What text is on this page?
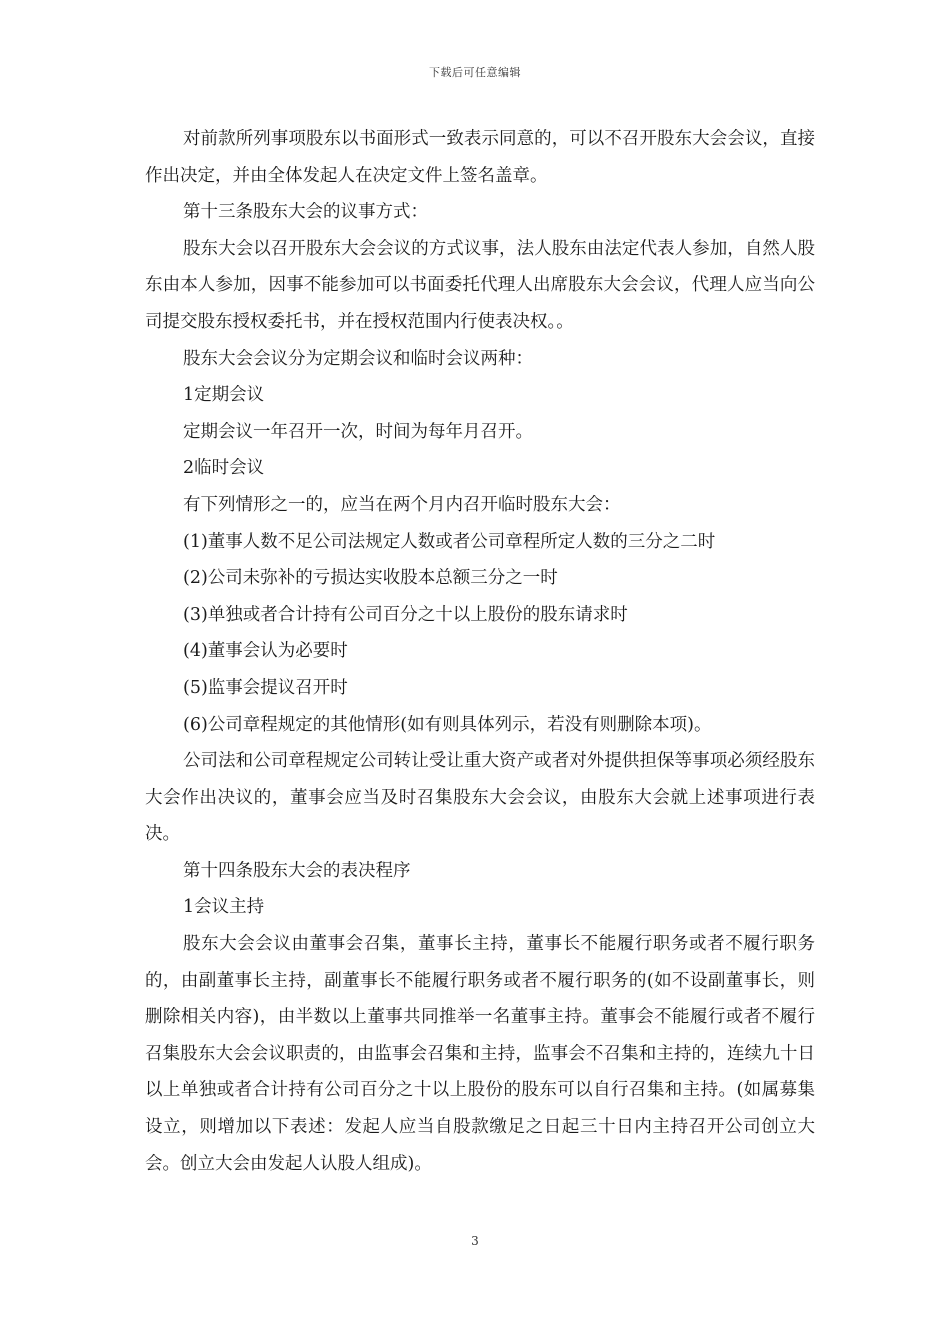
下载后可任意编辑

对前款所列事项股东以书面形式一致表示同意的，可以不召开股东大会会议，直接作出决定，并由全体发起人在决定文件上签名盖章。

第十三条股东大会的议事方式：

股东大会以召开股东大会会议的方式议事，法人股东由法定代表人参加，自然人股东由本人参加，因事不能参加可以书面委托代理人出席股东大会会议，代理人应当向公司提交股东授权委托书，并在授权范围内行使表决权。。

股东大会会议分为定期会议和临时会议两种：

1定期会议

定期会议一年召开一次，时间为每年月召开。

2临时会议

有下列情形之一的，应当在两个月内召开临时股东大会：

(1)董事人数不足公司法规定人数或者公司章程所定人数的三分之二时

(2)公司未弥补的亏损达实收股本总额三分之一时

(3)单独或者合计持有公司百分之十以上股份的股东请求时

(4)董事会认为必要时

(5)监事会提议召开时

(6)公司章程规定的其他情形(如有则具体列示，若没有则删除本项)。

公司法和公司章程规定公司转让受让重大资产或者对外提供担保等事项必须经股东大会作出决议的，董事会应当及时召集股东大会会议，由股东大会就上述事项进行表决。

第十四条股东大会的表决程序

1会议主持

股东大会会议由董事会召集，董事长主持，董事长不能履行职务或者不履行职务的，由副董事长主持，副董事长不能履行职务或者不履行职务的(如不设副董事长，则删除相关内容)，由半数以上董事共同推举一名董事主持。董事会不能履行或者不履行召集股东大会会议职责的，由监事会召集和主持，监事会不召集和主持的，连续九十日以上单独或者合计持有公司百分之十以上股份的股东可以自行召集和主持。(如属募集设立，则增加以下表述：发起人应当自股款缴足之日起三十日内主持召开公司创立大会。创立大会由发起人认股人组成)。

3
